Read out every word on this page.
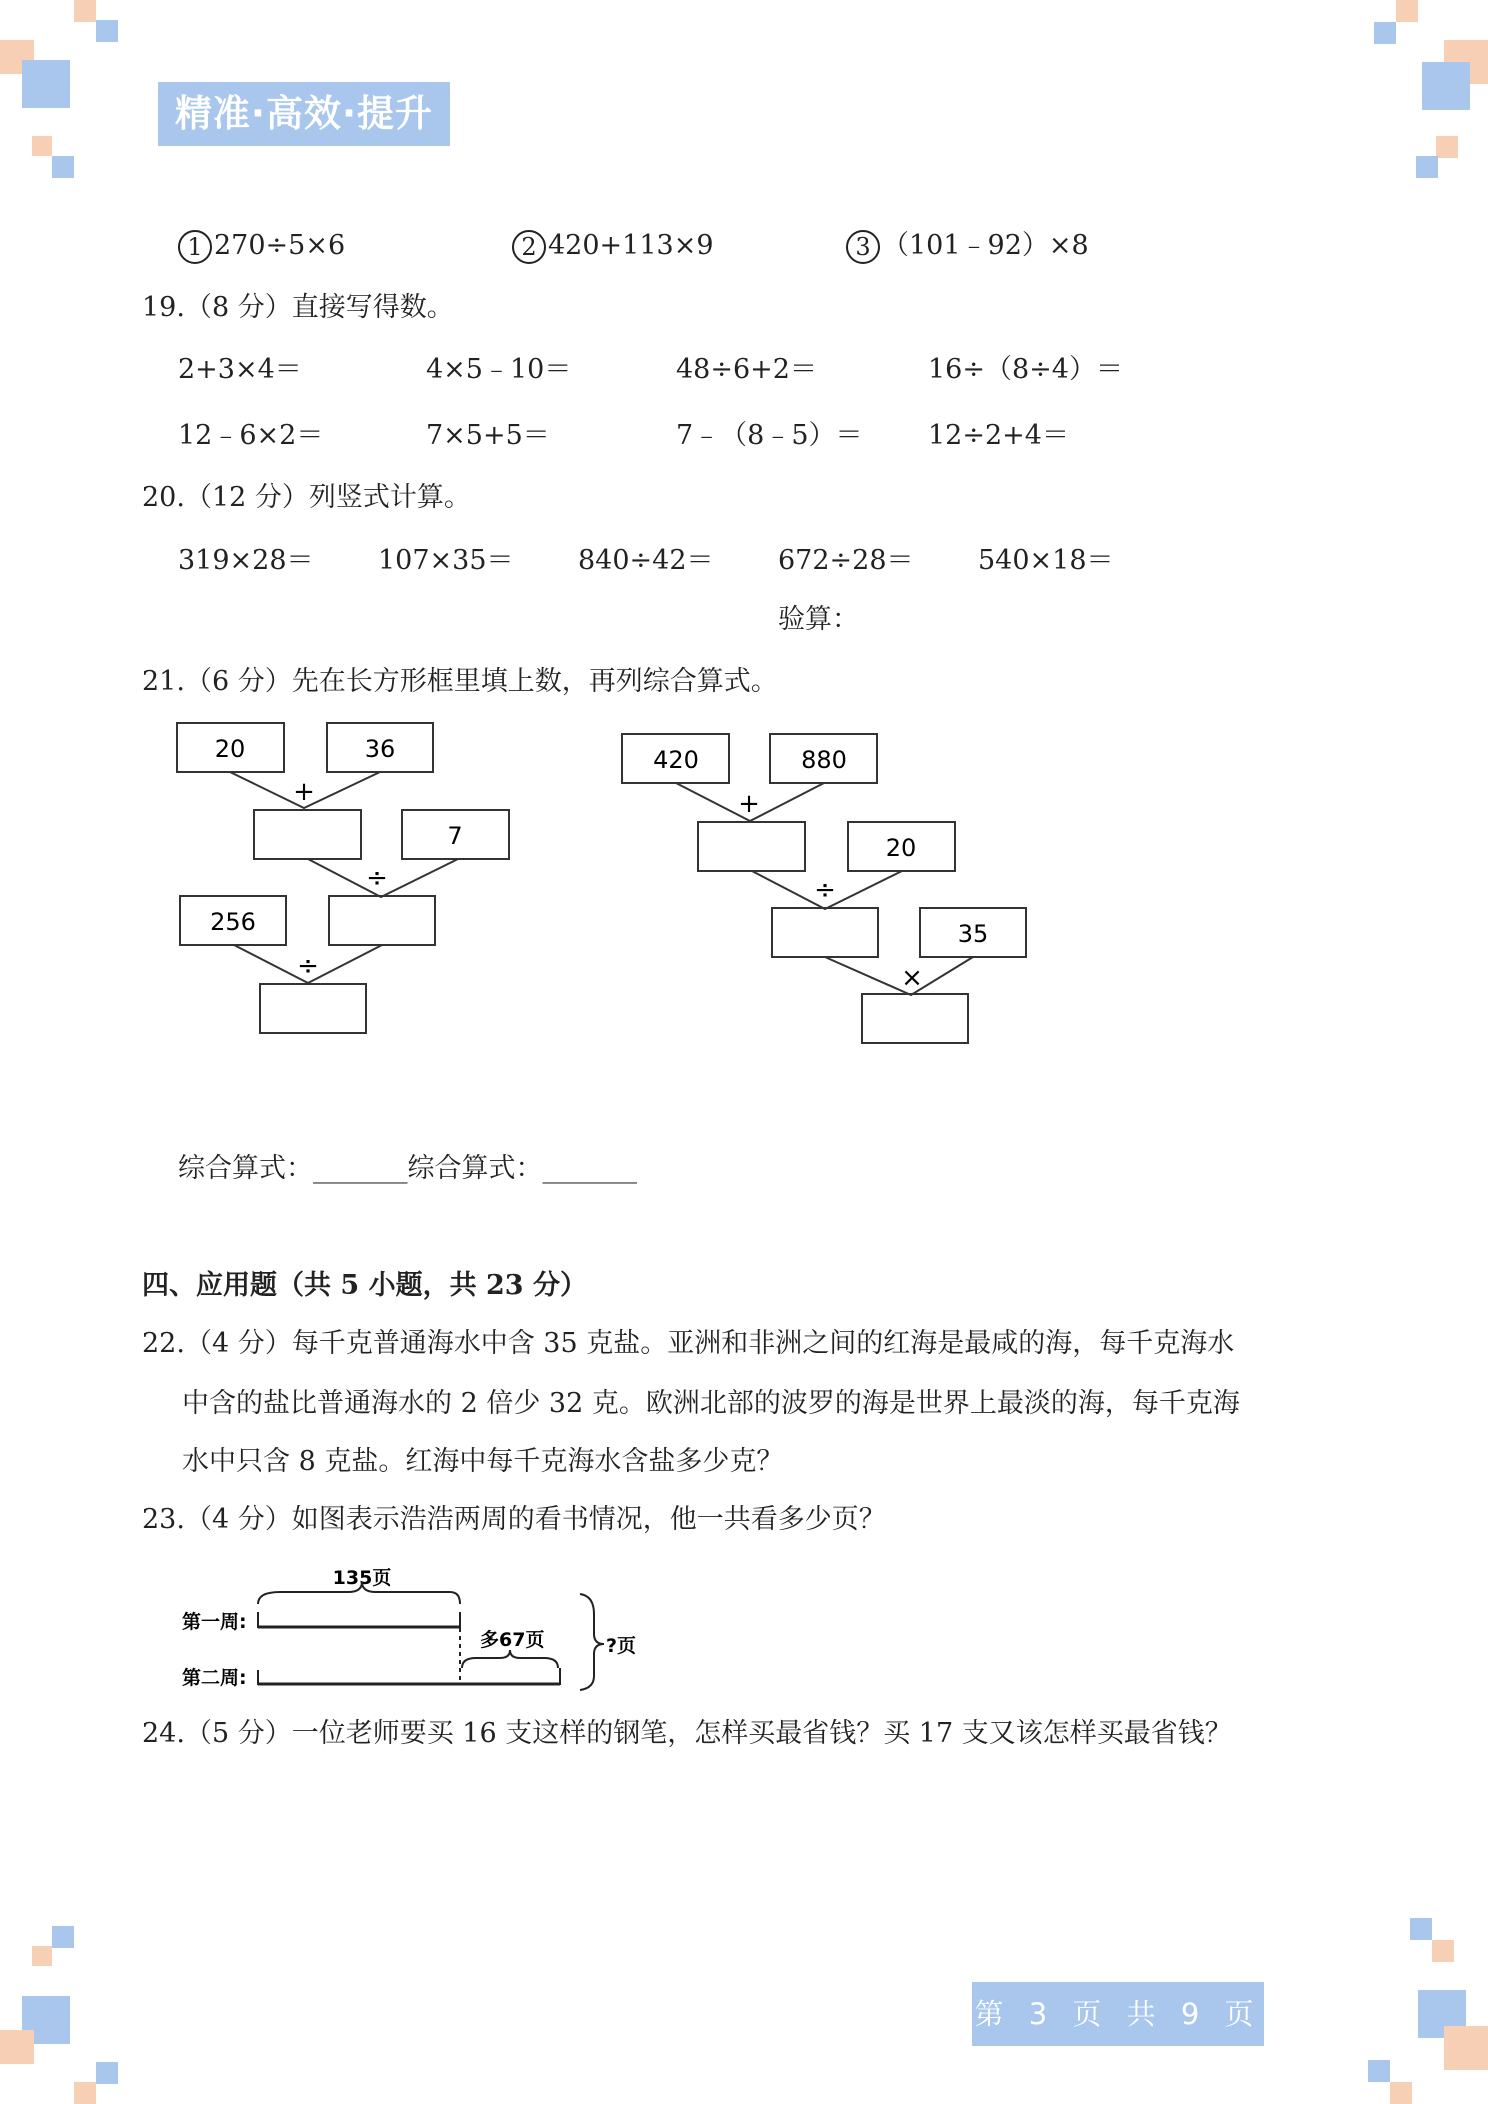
精准·高效·提升
1 270÷5×6	2 420+113×9	3 （101﹣92）×8
19.（8 分）直接写得数。
2+3×4＝	4×5﹣10＝	48÷6+2＝	16÷（8÷4）＝
12﹣6×2＝	7×5+5＝	7﹣（8﹣5）＝ 12÷2+4＝
20.（12 分）列竖式计算。
319×28＝ 107×35＝ 840÷42＝ 672÷28＝ 540×18＝
验算：
21.（6 分）先在长方形框里填上数，再列综合算式。
20	36
+
7
÷
256
÷
420	880
+
20
÷
35
×
综合算式：_______综合算式：_______
四、应用题（共 5 小题，共 23 分）
22.（4 分）每千克普通海水中含 35 克盐。亚洲和非洲之间的红海是最咸的海，每千克海水
中含的盐比普通海水的 2 倍少 32 克。欧洲北部的波罗的海是世界上最淡的海，每千克海
水中只含 8 克盐。红海中每千克海水含盐多少克？
23.（4 分）如图表示浩浩两周的看书情况，他一共看多少页？
135页
第一周:
多67页
第二周:
?页
24.（5 分）一位老师要买 16 支这样的钢笔，怎样买最省钱？买 17 支又该怎样买最省钱？
第 3 页 共 9 页
